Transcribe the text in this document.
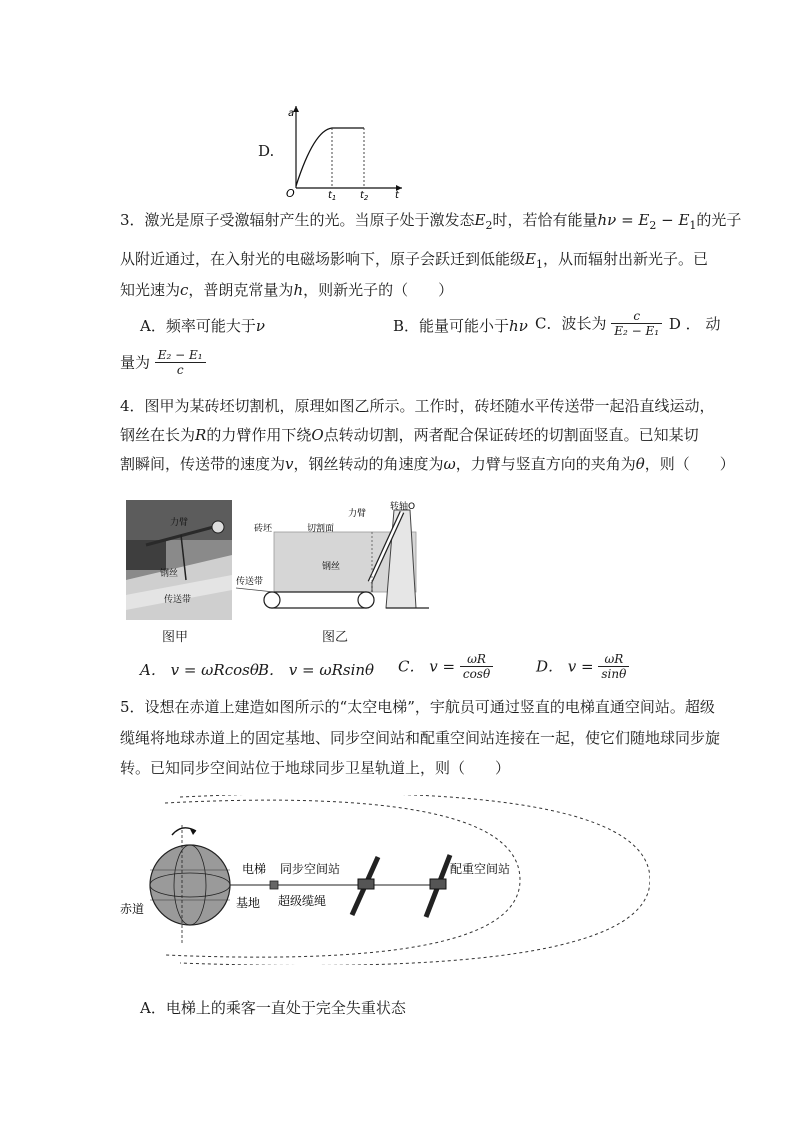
D.
a
O	$t_1$ $t_2$	t
3．激光是原子受激辐射产生的光。当原子处于激发态$E_2$时，若恰有能量$h\nu = E_2 - E_1$的光子
从附近通过，在入射光的电磁场影响下，原子会跃迁到低能级$E_1$，从而辐射出新光子。已
知光速为c，普朗克常量为h，则新光子的（　　）
A．频率可能大于ν	B．能量可能小于hν C．波长为 $\frac{c}{\text{E₂ − E₁}}$ D ． 动
量为 $\frac{\text{E₂ − E₁}}{c}$
4．图甲为某砖坯切割机，原理如图乙所示。工作时，砖坯随水平传送带一起沿直线运动，
钢丝在长为R的力臂作用下绕O点转动切割，两者配合保证砖坯的切割面竖直。已知某切
割瞬间，传送带的速度为v，钢丝转动的角速度为ω，力臂与竖直方向的夹角为θ，则（　　）
力臂
钢丝
传送带
图甲
转轴O
力臂
砖坯	切割面
钢丝
传送带
图乙
A． v = ωRcosθ B． v = ωRsinθ C． $v = \frac{\omega R}{\cos\theta}$	D． $v = \frac{\omega R}{\sin\theta}$
5．设想在赤道上建造如图所示的“太空电梯”，宇航员可通过竖直的电梯直通空间站。超级
缆绳将地球赤道上的固定基地、同步空间站和配重空间站连接在一起，使它们随地球同步旋
转。已知同步空间站位于地球同步卫星轨道上，则（　　）
赤道	基地
电梯 同步空间站
超级缆绳
配重空间站
A．电梯上的乘客一直处于完全失重状态
